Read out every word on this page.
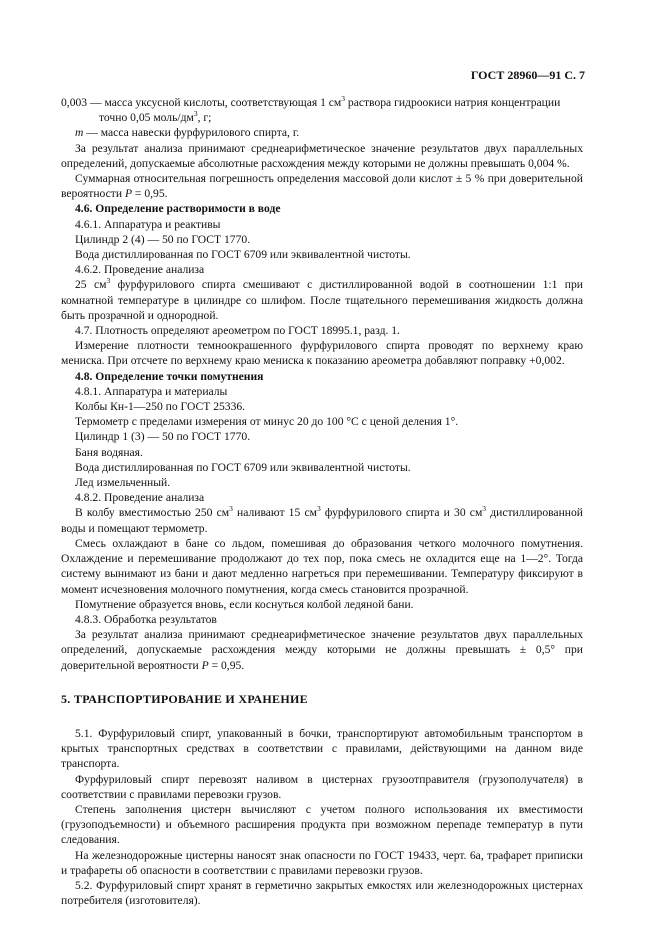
ГОСТ 28960—91 С. 7

0,003 — масса уксусной кислоты, соответствующая 1 $см^3$ раствора гидроокиси натрия концентрации

точно 0,05 моль/$дм^3$, г;

m — масса навески фурфурилового спирта, г.

За результат анализа принимают среднеарифметическое значение результатов двух параллельных определений, допускаемые абсолютные расхождения между которыми не должны превышать 0,004 %.

Суммарная относительная погрешность определения массовой доли кислот ± 5 % при доверительной вероятности P = 0,95.

4.6. Определение растворимости в воде

4.6.1. Аппаратура и реактивы

Цилиндр 2 (4) — 50 по ГОСТ 1770.

Вода дистиллированная по ГОСТ 6709 или эквивалентной чистоты.

4.6.2. Проведение анализа

25 $см^3$ фурфурилового спирта смешивают с дистиллированной водой в соотношении 1:1 при комнатной температуре в цилиндре со шлифом. После тщательного перемешивания жидкость должна быть прозрачной и однородной.

4.7. Плотность определяют ареометром по ГОСТ 18995.1, разд. 1.

Измерение плотности темноокрашенного фурфурилового спирта проводят по верхнему краю мениска. При отсчете по верхнему краю мениска к показанию ареометра добавляют поправку +0,002.

4.8. Определение точки помутнения

4.8.1. Аппаратура и материалы

Колбы Кн-1—250 по ГОСТ 25336.

Термометр с пределами измерения от минус 20 до 100 °С с ценой деления 1°.

Цилиндр 1 (3) — 50 по ГОСТ 1770.

Баня водяная.

Вода дистиллированная по ГОСТ 6709 или эквивалентной чистоты.

Лед измельченный.

4.8.2. Проведение анализа

В колбу вместимостью 250 $см^3$ наливают 15 $см^3$ фурфурилового спирта и 30 $см^3$ дистиллированной воды и помещают термометр.

Смесь охлаждают в бане со льдом, помешивая до образования четкого молочного помутнения. Охлаждение и перемешивание продолжают до тех пор, пока смесь не охладится еще на 1—2°. Тогда систему вынимают из бани и дают медленно нагреться при перемешивании. Температуру фиксируют в момент исчезновения молочного помутнения, когда смесь становится прозрачной.

Помутнение образуется вновь, если коснуться колбой ледяной бани.

4.8.3. Обработка результатов

За результат анализа принимают среднеарифметическое значение результатов двух параллельных определений, допускаемые расхождения между которыми не должны превышать ± 0,5° при доверительной вероятности P = 0,95.

5. ТРАНСПОРТИРОВАНИЕ И ХРАНЕНИЕ

5.1. Фурфуриловый спирт, упакованный в бочки, транспортируют автомобильным транспортом в крытых транспортных средствах в соответствии с правилами, действующими на данном виде транспорта.

Фурфуриловый спирт перевозят наливом в цистернах грузоотправителя (грузополучателя) в соответствии с правилами перевозки грузов.

Степень заполнения цистерн вычисляют с учетом полного использования их вместимости (грузоподъемности) и объемного расширения продукта при возможном перепаде температур в пути следования.

На железнодорожные цистерны наносят знак опасности по ГОСТ 19433, черт. 6а, трафарет приписки и трафареты об опасности в соответствии с правилами перевозки грузов.

5.2. Фурфуриловый спирт хранят в герметично закрытых емкостях или железнодорожных цистернах потребителя (изготовителя).
